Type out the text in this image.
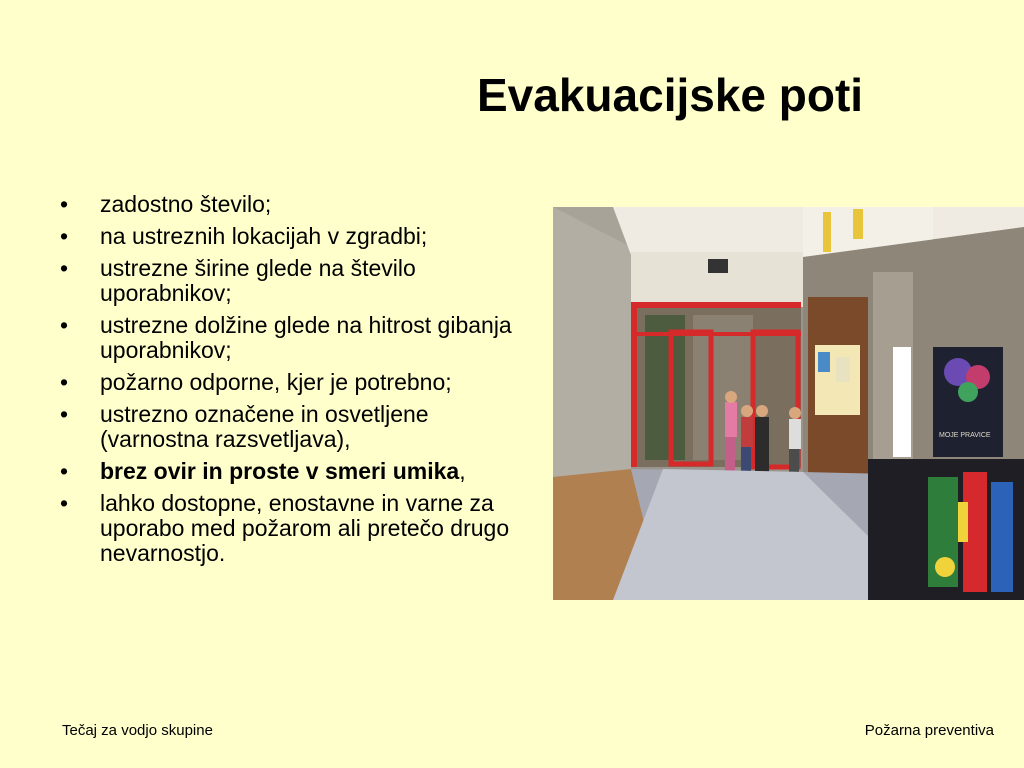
Evakuacijske poti
• zadostno število;
• na ustreznih lokacijah v zgradbi;
• ustrezne širine glede na število uporabnikov;
• ustrezne dolžine glede na hitrost gibanja uporabnikov;
• požarno odporne, kjer je potrebno;
• ustrezno označene in osvetljene (varnostna razsvetljava),
• brez ovir in proste v smeri umika,
• lahko dostopne, enostavne in varne za uporabo med požarom ali pretečo drugo nevarnostjo.
MOJE PRAVICE
Tečaj za vodjo skupine	Požarna preventiva
